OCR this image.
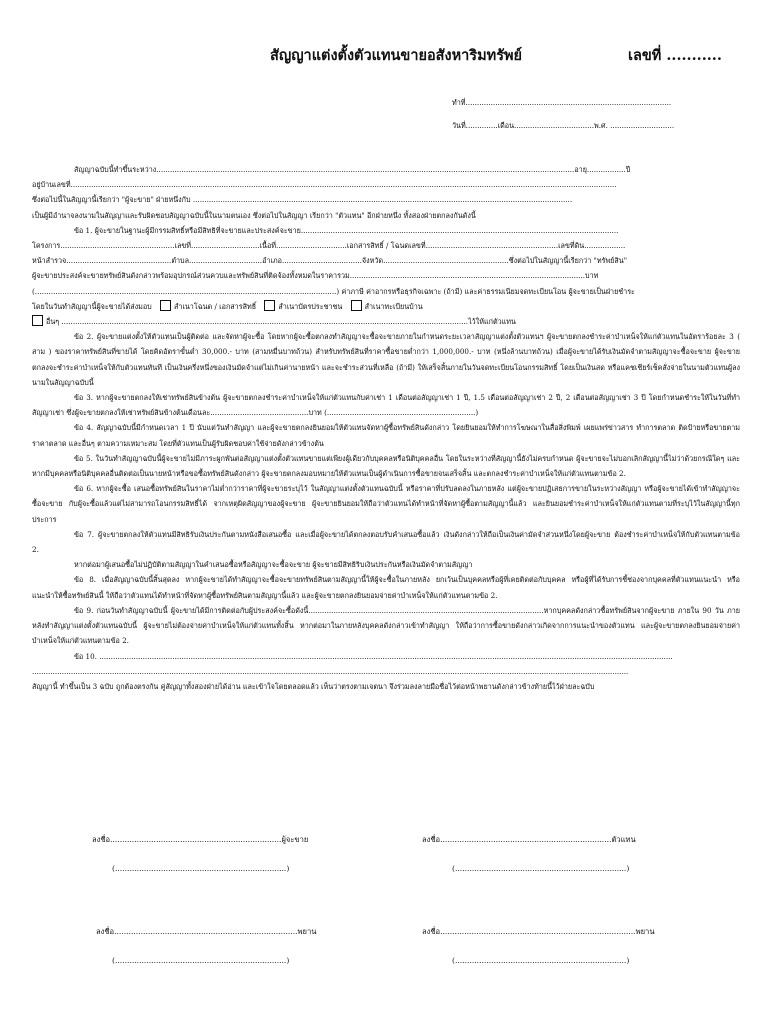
สัญญาแต่งตั้งตัวแทนขายอสังหาริมทรัพย์	เลขที่ ...........
ทำที่..........................................................................................
วันที่..............เดือน...................................พ.ศ. ............................

สัญญาฉบับนี้ทำขึ้นระหว่าง.......................................................................................................................................................................................อายุ.................ปี

อยู่บ้านเลขที่...............................................................................................................................................................................................................................................

ซึ่งต่อไปนี้ในสัญญานี้เรียกว่า "ผู้จะขาย" ฝ่ายหนึ่งกับ ......................................................................................................................................................................

เป็นผู้มีอำนาจลงนามในสัญญาและรับผิดชอบสัญญาฉบับนี้ในนามตนเอง ซึ่งต่อไปในสัญญา เรียกว่า "ตัวแทน" อีกฝ่ายหนึ่ง ทั้งสองฝ่ายตกลงกันดังนี้

ข้อ 1. ผู้จะขายในฐานะผู้มีกรรมสิทธิ์หรือมีสิทธิที่จะขายและประสงค์จะขาย...........................................................................................................................................

โครงการ..................................................เลขที่..............................เนื้อที่...............................เอกสารสิทธิ์ / โฉนดเลขที่..........................................................เลขที่ดิน..................

หน้าสำรวจ..............................................ตำบล................................อำเภอ...................................จังหวัด.......................................................ซึ่งต่อไปในสัญญานี้เรียกว่า "ทรัพย์สิน"

ผู้จะขายประสงค์จะขายทรัพย์สินดังกล่าวพร้อมอุปกรณ์ส่วนควบและทรัพย์สินที่ติดจ้องทั้งหมดในราคารวม.......................................................................................................บาท

(....................................................................................................................................) ค่าภาษี ค่าอากรหรือธุรกิจเฉพาะ (ถ้ามี) และค่าธรรมเนียมจดทะเบียนโอน ผู้จะขายเป็นฝ่ายชำระ

โดยในวันทำสัญญานี้ผู้จะขายได้ส่งมอบ	สำเนาโฉนด / เอกสารสิทธิ์	สำเนาบัตรประชาชน	สำเนาทะเบียนบ้าน

อื่นๆ ..................................................................................................................................................................................ไว้ให้แก่ตัวแทน

ข้อ 2. ผู้จะขายแต่งตั้งให้ตัวแทนเป็นผู้ติดต่อ และจัดหาผู้จะซื้อ โดยหากผู้จะซื้อตกลงทำสัญญาจะซื้อจะขายภายในกำหนดระยะเวลาสัญญาแต่งตั้งตัวแทนฯ ผู้จะขายตกลงชำระค่าบำเหน็จให้แก่ตัวแทนในอัตราร้อยละ 3 ( สาม ) ของราคาทรัพย์สินที่ขายได้ โดยคิดอัตราขั้นต่ำ 30,000.- บาท (สามหมื่นบาทถ้วน) สำหรับทรัพย์สินที่ราคาซื้อขายต่ำกว่า 1,000,000.- บาท (หนึ่งล้านบาทถ้วน) เมื่อผู้จะขายได้รับเงินมัดจำตามสัญญาจะซื้อจะขาย ผู้จะขายตกลงจะชำระค่าบำเหน็จให้กับตัวแทนทันที เป็นเงินครึ่งหนึ่งของเงินมัดจำแต่ไม่เกินค่านายหน้า และจะชำระส่วนที่เหลือ (ถ้ามี) ให้เสร็จสิ้นภายในวันจดทะเบียนโอนกรรมสิทธิ์ โดยเป็นเงินสด หรือแคชเชียร์เช็คสั่งจ่ายในนามตัวแทนผู้ลงนามในสัญญาฉบับนี้

ข้อ 3. หากผู้จะขายตกลงให้เช่าทรัพย์สินข้างต้น ผู้จะขายตกลงชำระค่าบำเหน็จให้แก่ตัวแทนกับค่าเช่า 1 เดือนต่อสัญญาเช่า 1 ปี, 1.5 เดือนต่อสัญญาเช่า 2 ปี, 2 เดือนต่อสัญญาเช่า 3 ปี โดยกำหนดชำระให้ในวันที่ทำสัญญาเช่า ซึ่งผู้จะขายตกลงให้เช่าทรัพย์สินข้างต้นเดือนละ...........................................บาท (.................................................................)

ข้อ 4. สัญญาฉบับนี้มีกำหนดเวลา 1 ปี นับแต่วันทำสัญญา และผู้จะขายตกลงยินยอมให้ตัวแทนจัดหาผู้ซื้อทรัพย์สินดังกล่าว โดยยินยอมให้ทำการโฆษณาในสื่อสิ่งพิมพ์ เผยแพร่ข่าวสาร ทำการตลาด ติดป้ายหรือขายตามราคาตลาด และอื่นๆ ตามความเหมาะสม โดยที่ตัวแทนเป็นผู้รับผิดชอบค่าใช้จ่ายดังกล่าวข้างต้น

ข้อ 5. ในวันทำสัญญาฉบับนี้ผู้จะขายไม่มีภาระผูกพันต่อสัญญาแต่งตั้งตัวแทนขายแต่เพียงผู้เดียวกับบุคคลหรือนิติบุคคลอื่น โดยในระหว่างที่สัญญานี้ยังไม่ครบกำหนด ผู้จะขายจะไม่บอกเลิกสัญญานี้ไม่ว่าด้วยกรณีใดๆ และหากมีบุคคลหรือนิติบุคคลอื่นติดต่อเป็นนายหน้าหรือขอซื้อทรัพย์สินดังกล่าว ผู้จะขายตกลงมอบหมายให้ตัวแทนเป็นผู้ดำเนินการซื้อขายจนเสร็จสิ้น และตกลงชำระค่าบำเหน็จให้แก่ตัวแทนตามข้อ 2.

ข้อ 6. หากผู้จะซื้อ เสนอซื้อทรัพย์สินในราคาไม่ต่ำกว่าราคาที่ผู้จะขายระบุไว้ ในสัญญาแต่งตั้งตัวแทนฉบับนี้ หรือราคาที่ปรับลดลงในภายหลัง แต่ผู้จะขายปฏิเสธการขายในระหว่างสัญญา หรือผู้จะขายได้เข้าทำสัญญาจะซื้อจะขาย กับผู้จะซื้อแล้วแต่ไม่สามารถโอนกรรมสิทธิ์ได้ จากเหตุผิดสัญญาของผู้จะขาย ผู้จะขายยินยอมให้ถือว่าตัวแทนได้ทำหน้าที่จัดหาผู้ซื้อตามสัญญานี้แล้ว และยินยอมชำระค่าบำเหน็จให้แก่ตัวแทนตามที่ระบุไว้ในสัญญานี้ทุกประการ

ข้อ 7. ผู้จะขายตกลงให้ตัวแทนมีสิทธิรับเงินประกันตามหนังสือเสนอซื้อ และเมื่อผู้จะขายได้ตกลงตอบรับคำเสนอซื้อแล้ว เงินดังกล่าวให้ถือเป็นเงินค่ามัดจำส่วนหนึ่งโดยผู้จะขาย ต้องชำระค่าบำเหน็จให้กับตัวแทนตามข้อ 2.

หากต่อมาผู้เสนอซื้อไม่ปฏิบัติตามสัญญาในคำเสนอซื้อหรือสัญญาจะซื้อจะขาย ผู้จะขายมีสิทธิริบเงินประกันหรือเงินมัดจำตามสัญญา

ข้อ 8. เมื่อสัญญาฉบับนี้สิ้นสุดลง หากผู้จะขายได้ทำสัญญาจะซื้อจะขายทรัพย์สินตามสัญญานี้ให้ผู้จะซื้อในภายหลัง ยกเว้นเป็นบุคคลหรือผู้ที่เคยติดต่อกับบุคคล หรือผู้ที่ได้รับการชี้ช่องจากบุคคลที่ตัวแทนแนะนำ หรือแนะนำให้ซื้อทรัพย์สินนี้ ให้ถือว่าตัวแทนได้ทำหน้าที่จัดหาผู้ซื้อทรัพย์สินตามสัญญานี้แล้ว และผู้จะขายตกลงยินยอมจ่ายค่าบำเหน็จให้แก่ตัวแทนตามข้อ 2.

ข้อ 9. ก่อนวันทำสัญญาฉบับนี้ ผู้จะขายได้มีการติดต่อกับผู้ประสงค์จะซื้อดังนี้.......................................................................................................หากบุคคลดังกล่าวซื้อทรัพย์สินจากผู้จะขาย ภายใน 90 วัน ภายหลังทำสัญญาแต่งตั้งตัวแทนฉบับนี้ ผู้จะขายไม่ต้องจ่ายค่าบำเหน็จให้แก่ตัวแทนทั้งสิ้น หากต่อมาในภายหลังบุคคลดังกล่าวเข้าทำสัญญา ให้ถือว่าการซื้อขายดังกล่าวเกิดจากการแนะนำของตัวแทน และผู้จะขายตกลงยินยอมจ่ายค่าบำเหน็จให้แก่ตัวแทนตามข้อ 2.

ข้อ 10. ...........................................................................................................................................................................................................................................................

.....................................................................................................................................................................................................................................................................

สัญญานี้ ทำขึ้นเป็น 3 ฉบับ ถูกต้องตรงกัน คู่สัญญาทั้งสองฝ่ายได้อ่าน และเข้าใจโดยตลอดแล้ว เห็นว่าตรงตามเจตนา จึงร่วมลงลายมือชื่อไว้ต่อหน้าพยานดังกล่าวข้างท้ายนี้ไว้ฝ่ายละฉบับ

ลงชื่อ.......................................................................ผู้จะขาย
(.......................................................................)
ลงชื่อ.......................................................................ตัวแทน
(.......................................................................)
ลงชื่อ............................................................................พยาน
(.......................................................................)
ลงชื่อ.................................................................................พยาน
(.......................................................................)
